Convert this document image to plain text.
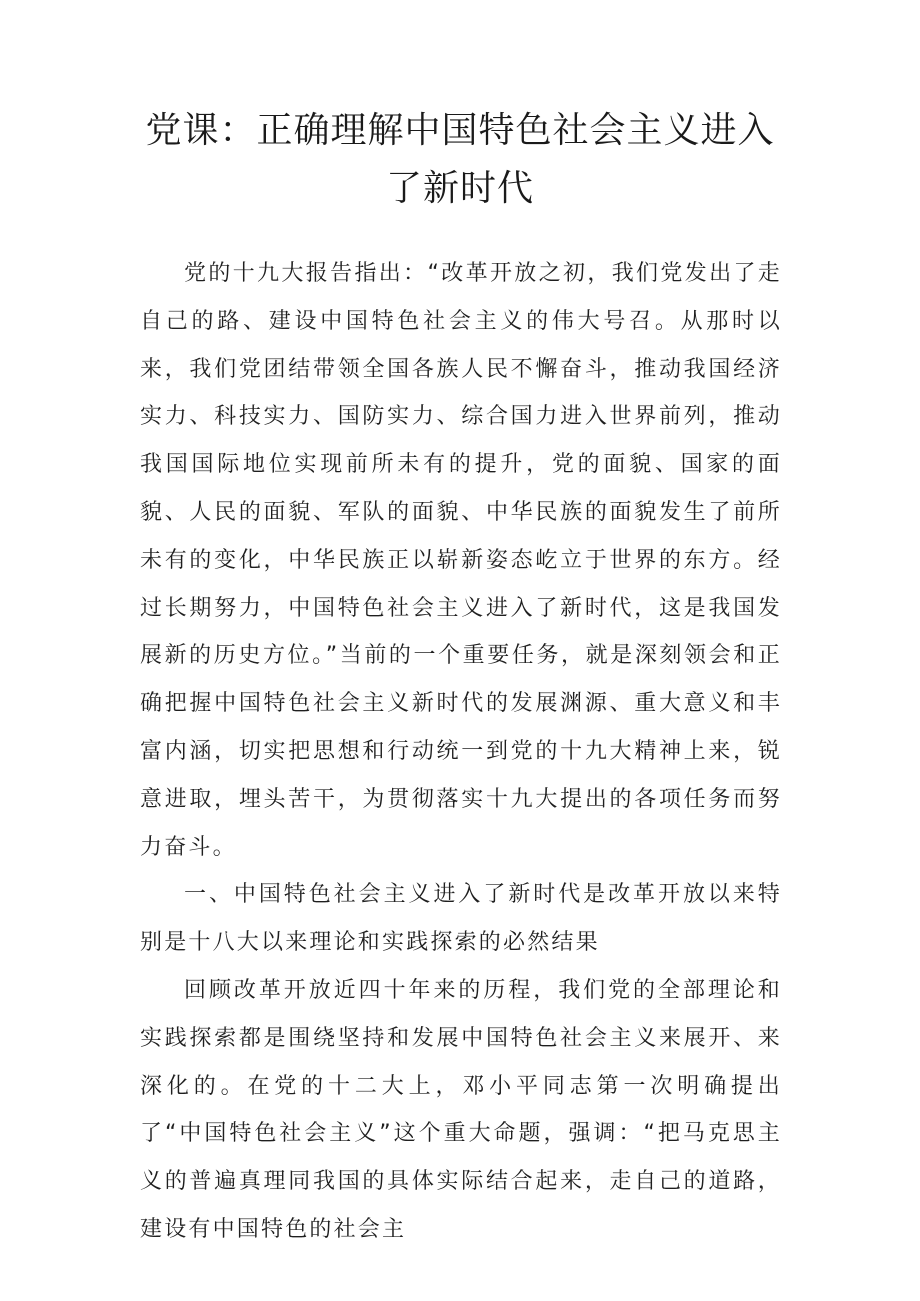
党课：正确理解中国特色社会主义进入了新时代

党的十九大报告指出：“改革开放之初，我们党发出了走自己的路、建设中国特色社会主义的伟大号召。从那时以来，我们党团结带领全国各族人民不懈奋斗，推动我国经济实力、科技实力、国防实力、综合国力进入世界前列，推动我国国际地位实现前所未有的提升，党的面貌、国家的面貌、人民的面貌、军队的面貌、中华民族的面貌发生了前所未有的变化，中华民族正以崭新姿态屹立于世界的东方。经过长期努力，中国特色社会主义进入了新时代，这是我国发展新的历史方位。”当前的一个重要任务，就是深刻领会和正确把握中国特色社会主义新时代的发展渊源、重大意义和丰富内涵，切实把思想和行动统一到党的十九大精神上来，锐意进取，埋头苦干，为贯彻落实十九大提出的各项任务而努力奋斗。

一、中国特色社会主义进入了新时代是改革开放以来特别是十八大以来理论和实践探索的必然结果

回顾改革开放近四十年来的历程，我们党的全部理论和实践探索都是围绕坚持和发展中国特色社会主义来展开、来深化的。在党的十二大上，邓小平同志第一次明确提出了“中国特色社会主义”这个重大命题，强调：“把马克思主义的普遍真理同我国的具体实际结合起来，走自己的道路，建设有中国特色的社会主
